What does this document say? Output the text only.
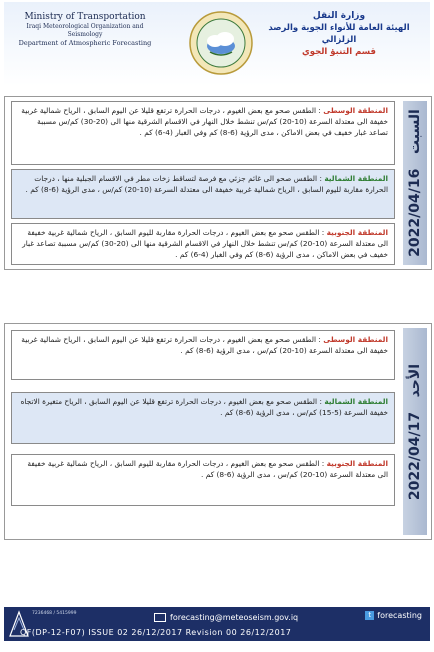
Ministry of Transportation
Iraqi Meteorological Organization and Seismology
Department of Atmospheric Forecasting
وزارة النقل
الهيئة العامة للأنواء الجوية والرصد الزلزالي
قسم التنبؤ الجوي
السبت   2022/04/16
المنطقة الوسطى : الطقس صحو مع بعض الغيوم ، درجات الحرارة ترتفع قليلا عن اليوم السابق ، الرياح شمالية غربية خفيفة الى معتدلة السرعة (10-20) كم/س تنشط خلال النهار في الاقسام الشرقية منها الى (20-30) كم/س مسببة تصاعد غبار خفيف في بعض الاماكن ، مدى الرؤية (6-8) كم وفي الغبار (4-6) كم .
المنطقة الشمالية : الطقس صحو الى غائم جزئي مع فرصة لتساقط زخات مطر في الاقسام الجبلية منها ، درجات الحرارة مقاربة لليوم السابق ، الرياح شمالية غربية خفيفة الى معتدلة السرعة (10-20) كم/س ، مدى الرؤية (6-8) كم .
المنطقة الجنوبية : الطقس صحو مع بعض الغيوم ، درجات الحرارة مقاربة لليوم السابق ، الرياح شمالية غربية خفيفة الى معتدلة السرعة (10-20) كم/س تنشط خلال النهار في الاقسام الشرقية منها الى (20-30) كم/س مسببة تصاعد غبار خفيف في بعض الاماكن ، مدى الرؤية (6-8) كم وفي الغبار (4-6) كم .
الأحد   2022/04/17
المنطقة الوسطى : الطقس صحو مع بعض الغيوم ، درجات الحرارة ترتفع قليلا عن اليوم السابق ، الرياح شمالية غربية خفيفة الى معتدلة السرعة (10-20) كم/س ، مدى الرؤية (6-8) كم .
المنطقة الشمالية : الطقس صحو مع بعض الغيوم ، درجات الحرارة ترتفع قليلا عن اليوم السابق ، الرياح متغيرة الاتجاه خفيفة السرعة (5-15) كم/س ، مدى الرؤية (6-8) كم .
المنطقة الجنوبية : الطقس صحو مع بعض الغيوم ، درجات الحرارة مقاربة لليوم السابق ، الرياح شمالية غربية خفيفة الى معتدلة السرعة (10-20) كم/س ، مدى الرؤية (6-8) كم .
7236468 / 5415999	forecasting@meteoseism.gov.iq	t forecasting
QF(DP-12-F07) ISSUE 02 26/12/2017 Revision 00 26/12/2017
